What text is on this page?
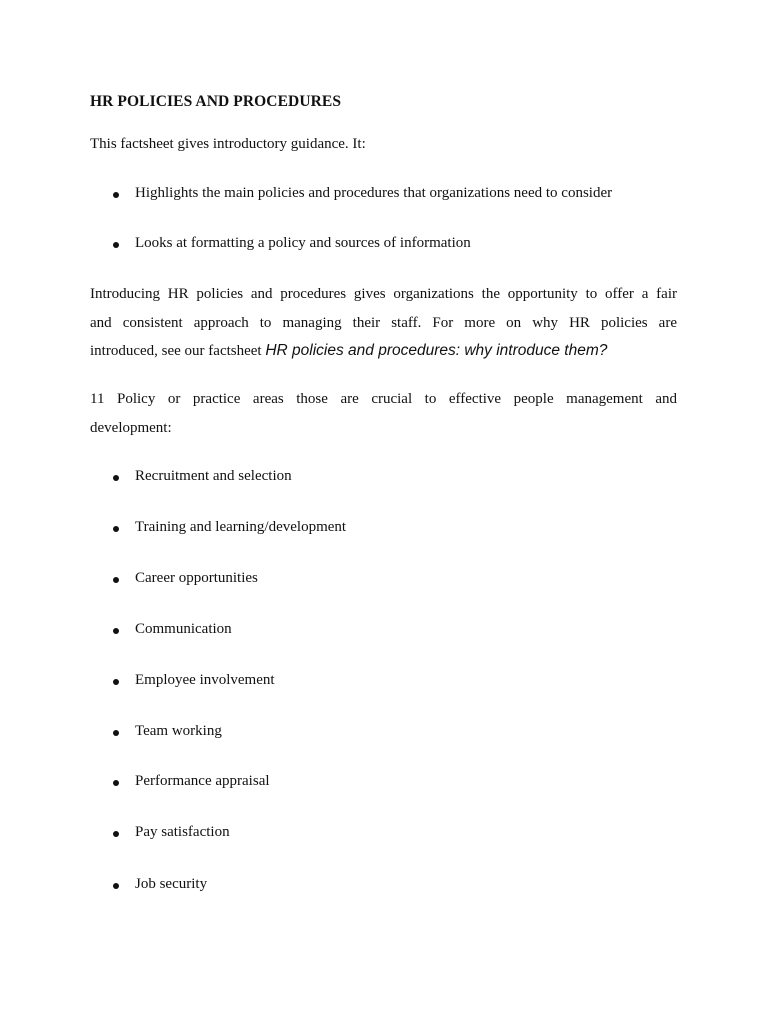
HR POLICIES AND PROCEDURES
This factsheet gives introductory guidance. It:
Highlights the main policies and procedures that organizations need to consider
Looks at formatting a policy and sources of information
Introducing HR policies and procedures gives organizations the opportunity to offer a fair
and consistent approach to managing their staff. For more on why HR policies are
introduced, see our factsheet HR policies and procedures: why introduce them?
11 Policy or practice areas those are crucial to effective people management and
development:
Recruitment and selection
Training and learning/development
Career opportunities
Communication
Employee involvement
Team working
Performance appraisal
Pay satisfaction
Job security
